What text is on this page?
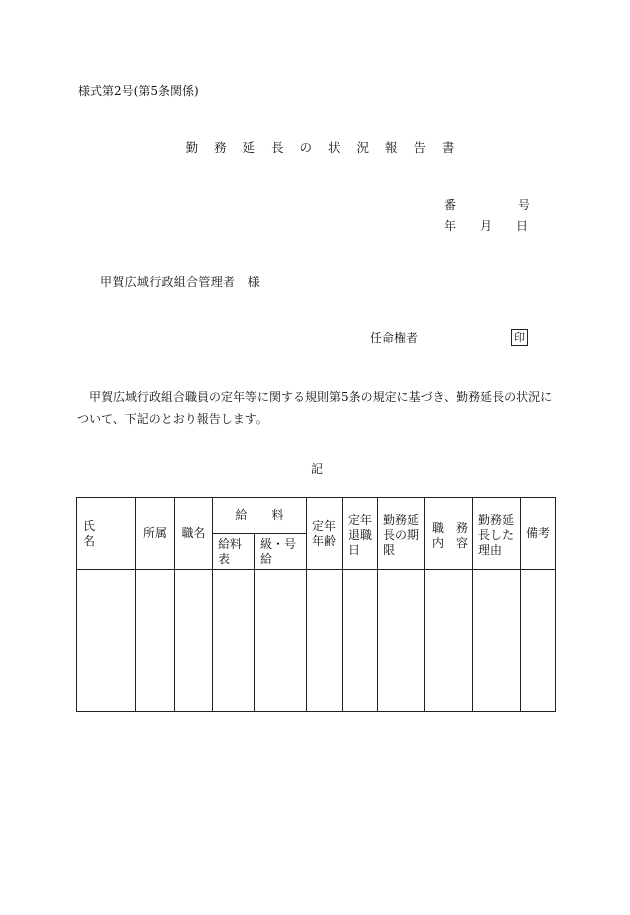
様式第2号(第5条関係)
勤 務 延 長 の 状 況 報 告 書
番 号
年 月 日
甲賀広域行政組合管理者　様
任命権者	印
甲賀広域行政組合職員の定年等に関する規則第5条の規定に基づき、勤務延長の状況について、下記のとおり報告します。
記
氏　　名	所属	職名	給　　料		定年年齢	定年退職日	勤務延長の期限	職　務 内　容	勤務延長した理由	備考
			給料表	級・号給						
